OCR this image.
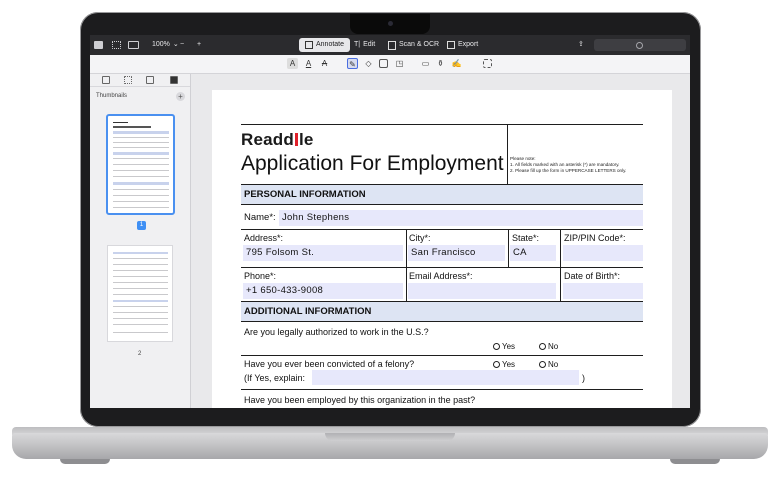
100% ⌄ − +	Annotate T| Edit	Scan & OCR	Export	⇪
A	A	A	✎	◇	◳ ▭ ⚱ ✍
Thumbnails	+
1
2
Readd le
Application For Employment Please note:
1. All fields marked with an asterisk (*) are mandatory.
2. Please fill up the form in UPPERCASE LETTERS only.
PERSONAL INFORMATION
Name*: John Stephens
Address*:
795 Folsom St.
City*:
San Francisco
State*:
CA
ZIP/PIN Code*:
Phone*:
+1 650-433-9008
Email Address*:	Date of Birth*:
ADDITIONAL INFORMATION
Are you legally authorized to work in the U.S.?
Yes	No
Have you ever been convicted of a felony?	Yes	No
(If Yes, explain:	)
Have you been employed by this organization in the past?
